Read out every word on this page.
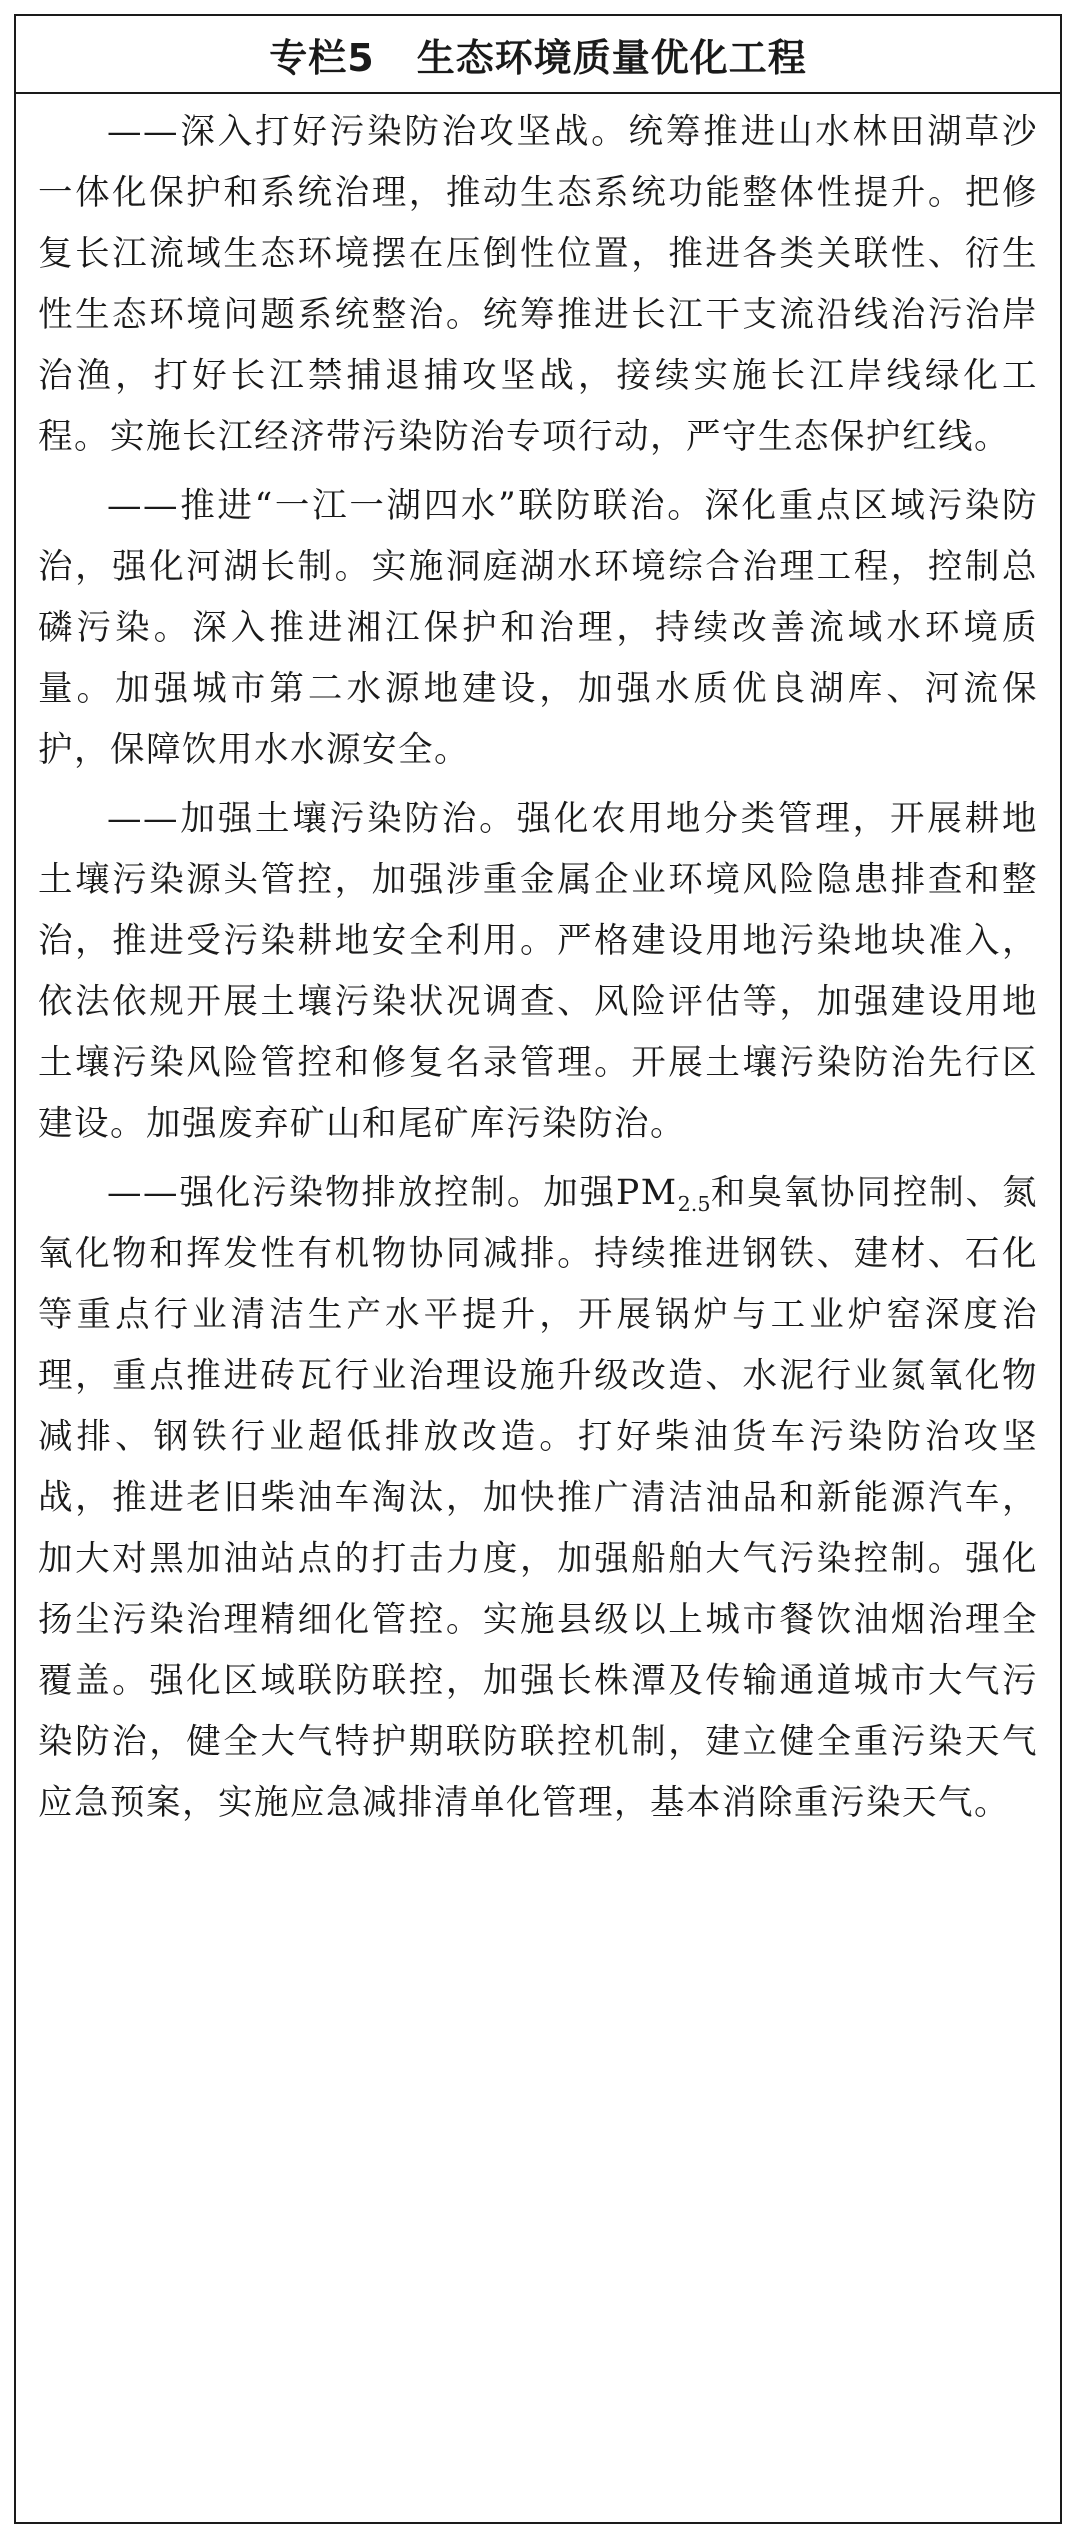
专栏5 生态环境质量优化工程

——深入打好污染防治攻坚战。统筹推进山水林田湖草沙一体化保护和系统治理，推动生态系统功能整体性提升。把修复长江流域生态环境摆在压倒性位置，推进各类关联性、衍生性生态环境问题系统整治。统筹推进长江干支流沿线治污治岸治渔，打好长江禁捕退捕攻坚战，接续实施长江岸线绿化工程。实施长江经济带污染防治专项行动，严守生态保护红线。

——推进“一江一湖四水”联防联治。深化重点区域污染防治，强化河湖长制。实施洞庭湖水环境综合治理工程，控制总磷污染。深入推进湘江保护和治理，持续改善流域水环境质量。加强城市第二水源地建设，加强水质优良湖库、河流保护，保障饮用水水源安全。

——加强土壤污染防治。强化农用地分类管理，开展耕地土壤污染源头管控，加强涉重金属企业环境风险隐患排查和整治，推进受污染耕地安全利用。严格建设用地污染地块准入，依法依规开展土壤污染状况调查、风险评估等，加强建设用地土壤污染风险管控和修复名录管理。开展土壤污染防治先行区建设。加强废弃矿山和尾矿库污染防治。

——强化污染物排放控制。加强$PM_{2.5}$和臭氧协同控制、氮氧化物和挥发性有机物协同减排。持续推进钢铁、建材、石化等重点行业清洁生产水平提升，开展锅炉与工业炉窑深度治理，重点推进砖瓦行业治理设施升级改造、水泥行业氮氧化物减排、钢铁行业超低排放改造。打好柴油货车污染防治攻坚战，推进老旧柴油车淘汰，加快推广清洁油品和新能源汽车，加大对黑加油站点的打击力度，加强船舶大气污染控制。强化扬尘污染治理精细化管控。实施县级以上城市餐饮油烟治理全覆盖。强化区域联防联控，加强长株潭及传输通道城市大气污染防治，健全大气特护期联防联控机制，建立健全重污染天气应急预案，实施应急减排清单化管理，基本消除重污染天气。
